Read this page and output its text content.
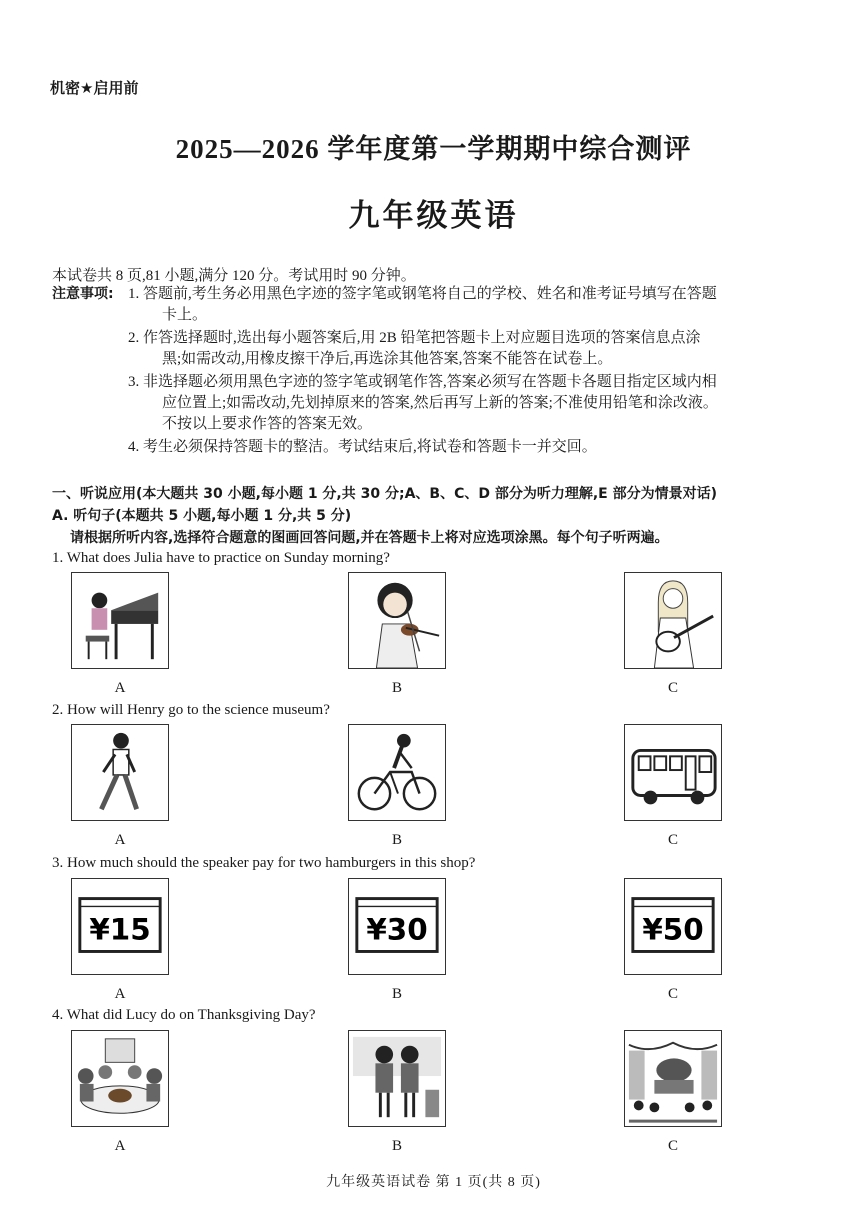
机密★启用前
2025—2026 学年度第一学期期中综合测评
九年级英语
本试卷共 8 页,81 小题,满分 120 分。考试用时 90 分钟。
注意事项: 1. 答题前,考生务必用黑色字迹的签字笔或钢笔将自己的学校、姓名和准考证号填写在答题
卡上。
2. 作答选择题时,选出每小题答案后,用 2B 铅笔把答题卡上对应题目选项的答案信息点涂
黑;如需改动,用橡皮擦干净后,再选涂其他答案,答案不能答在试卷上。
3. 非选择题必须用黑色字迹的签字笔或钢笔作答,答案必须写在答题卡各题目指定区域内相
应位置上;如需改动,先划掉原来的答案,然后再写上新的答案;不准使用铅笔和涂改液。
不按以上要求作答的答案无效。
4. 考生必须保持答题卡的整洁。考试结束后,将试卷和答题卡一并交回。
一、听说应用(本大题共 30 小题,每小题 1 分,共 30 分;A、B、C、D 部分为听力理解,E 部分为情景对话)
A. 听句子(本题共 5 小题,每小题 1 分,共 5 分)
请根据所听内容,选择符合题意的图画回答问题,并在答题卡上将对应选项涂黑。每个句子听两遍。
1. What does Julia have to practice on Sunday morning?
A	B	C
2. How will Henry go to the science museum?
A	B	C
3. How much should the speaker pay for two hamburgers in this shop?
¥15
A
¥30
B
¥50
C
4. What did Lucy do on Thanksgiving Day?
A	B	C
九年级英语试卷 第 1 页(共 8 页)
